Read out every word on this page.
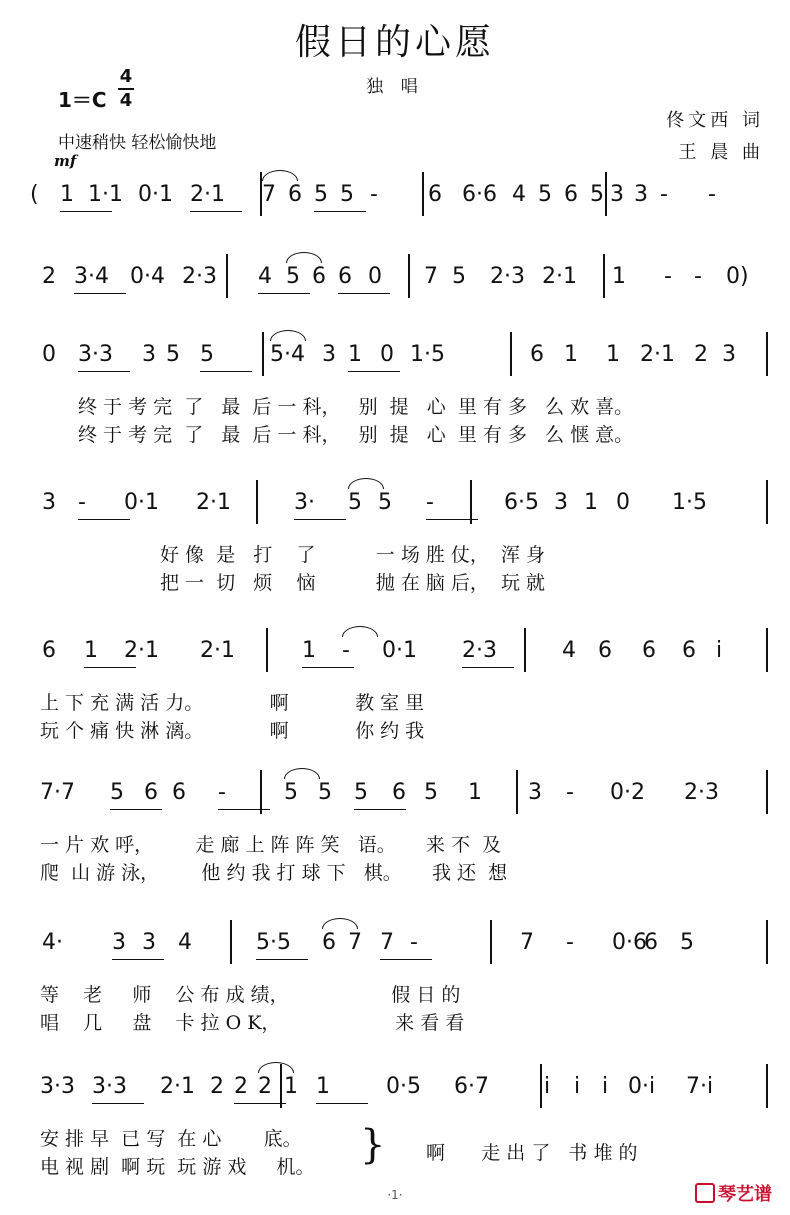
假日的心愿
独 唱
1＝C
4
4
佟文西 词
王 晨 曲
中速稍快 轻松愉快地
mf
( 1 1·1 0·1 2·1 7 6 5 5 - 6 6·6 4 5 6 5 3 3 - -
2 3·4 0·4 2·3 4 5 6 6 0 7 5 2·3 2·1 1 - - 0)
0 3·3 3 5 5	5·4 3 1 0 1·5	6 1 1 2·1 2 3
终 于 考 完  了   最  后 一 科，   别  提   心  里 有 多   么 欢 喜。
终 于 考 完  了   最  后 一 科，   别  提   心  里 有 多   么 惬 意。
3 - 0·1 2·1	3· 5 5 -	6·5 3 1 0 1·5
好 像  是   打    了          一 场 胜 仗，  浑 身
把 一  切   烦    恼          抛 在 脑 后，  玩 就
6 1 2·1 2·1	1 - 0·1 2·3	4 6 6 6 i
上 下 充 满 活 力。           啊           教 室 里
玩 个 痛 快 淋 漓。           啊           你 约 我
7·7 5 6 6 -	5 5 5 6 5 1 3 - 0·2 2·3
一 片 欢 呼，       走 廊 上 阵 阵 笑   语。     来 不  及
爬  山 游 泳，       他 约 我 打 球 下   棋。     我 还  想
4· 3 3 4	5·5 6 7 7 -	7 - 0·6
6 5
等    老     师    公 布 成 绩，                 假 日 的
唱    几     盘    卡 拉 O K，                   来 看 看
3·3 3·3 2·1 2 2 2 1 1	0·5 6·7	i i i 0·i 7·i
安 排 早  已 写  在 心       底。
电 视 剧  啊 玩  玩 游 戏     机。 } 啊      走 出 了   书 堆 的
·1·	琴艺谱
